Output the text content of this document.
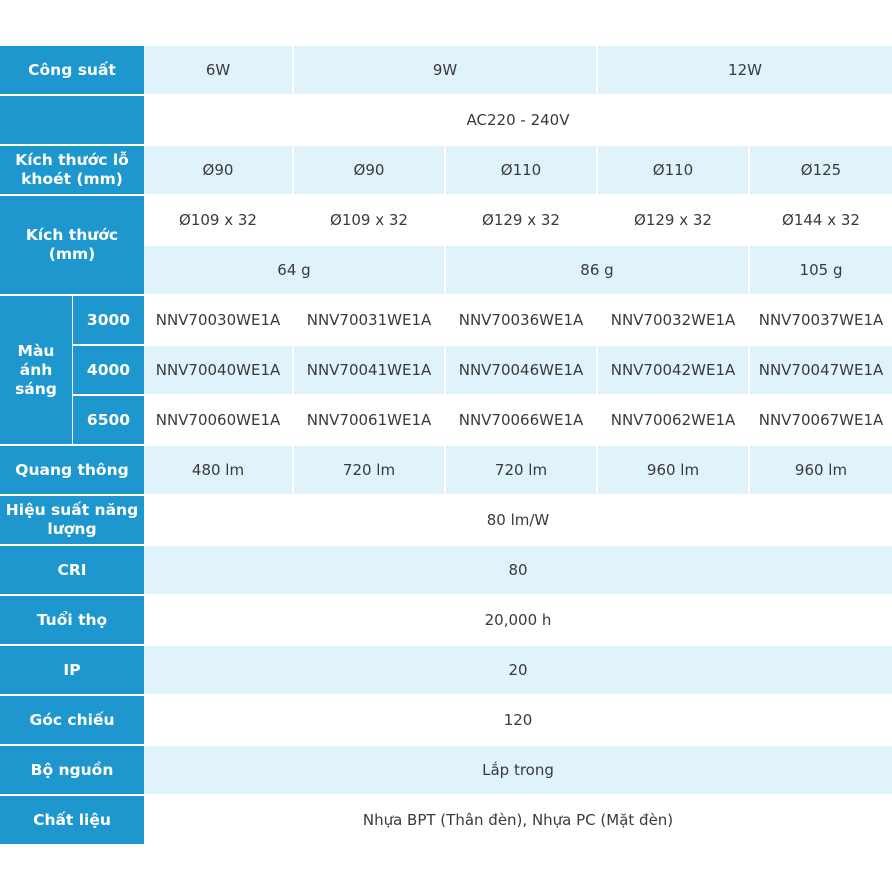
Công suất		6W	9W		12W	
		AC220 - 240V				
Kích thước lỗ khoét (mm)		Ø90	Ø90	Ø110	Ø110	Ø125
Kích thước (mm)		Ø109 x 32	Ø109 x 32	Ø129 x 32	Ø129 x 32	Ø144 x 32
		64 g		86 g		105 g
Màu ánh sáng	3000	NNV70030WE1A	NNV70031WE1A	NNV70036WE1A	NNV70032WE1A	NNV70037WE1A
	4000	NNV70040WE1A	NNV70041WE1A	NNV70046WE1A	NNV70042WE1A	NNV70047WE1A
	6500	NNV70060WE1A	NNV70061WE1A	NNV70066WE1A	NNV70062WE1A	NNV70067WE1A
Quang thông		480 lm	720 lm	720 lm	960 lm	960 lm
Hiệu suất năng lượng		80 lm/W				
CRI		80				
Tuổi thọ		20,000 h				
IP		20				
Góc chiếu		120				
Bộ nguồn		Lắp trong				
Chất liệu		Nhựa BPT (Thân đèn), Nhựa PC (Mặt đèn)				
